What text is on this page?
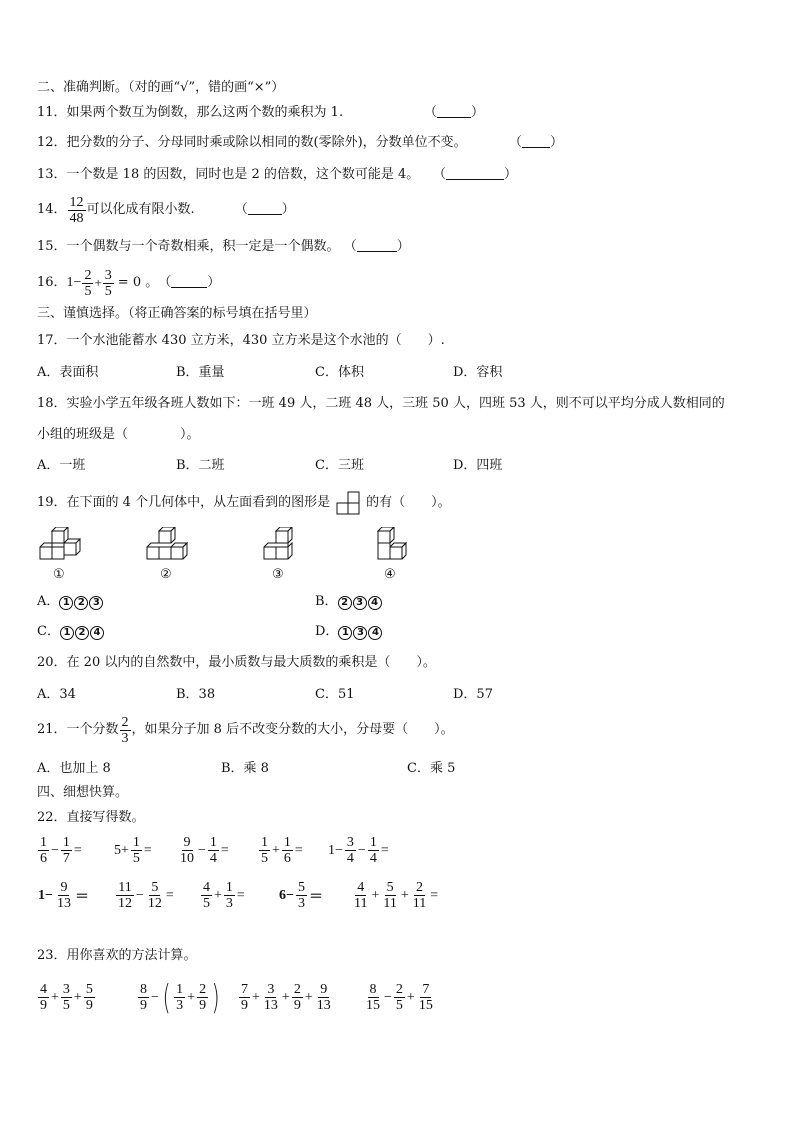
二、准确判断。（对的画“√”，错的画“×”）
11．如果两个数互为倒数，那么这两个数的乘积为 1.	（	）
12．把分数的分子、分母同时乘或除以相同的数(零除外)，分数单位不变。	（ ）
13．一个数是 18 的因数，同时也是 2 的倍数，这个数可能是 4。 （	）
14． $\frac{12}{48}$ 可以化成有限小数.	（	）
15．一个偶数与一个奇数相乘，积一定是一个偶数。 （	）
16． $1- \frac{2}{5} + \frac{3}{5} = 0$ 。 （	）
三、谨慎选择。（将正确答案的标号填在括号里）
17．一个水池能蓄水 430 立方米，430 立方米是这个水池的（　　）.
A．表面积	B．重量	C．体积	D．容积
18．实验小学五年级各班人数如下：一班 49 人，二班 48 人，三班 50 人，四班 53 人，则不可以平均分成人数相同的
小组的班级是（　　　　）。
A．一班	B．二班	C．三班	D．四班
19．在下面的 4 个几何体中，从左面看到的图形是	的有（　　）。
①	②	③	④
A． 1 2 3	B． 2 3 4
C． 1 2 4	D． 1 3 4
20．在 20 以内的自然数中，最小质数与最大质数的乘积是（　　）。
A．34	B．38	C．51	D．57
21．一个分数 $\frac{2}{3}$ ，如果分子加 8 后不改变分数的大小，分母要（　　）。
A．也加上 8	B．乘 8	C．乘 5
四、细想快算。
22．直接写得数。
$\frac{1}{6} - \frac{1}{7} = 5+ \frac{1}{5} = \frac{9}{10} - \frac{1}{4} = \frac{1}{5} + \frac{1}{6} = 1- \frac{3}{4} - \frac{1}{4}$ =
$1- \frac{9}{13} = \frac{11}{12} - \frac{5}{12} = \frac{4}{5} + \frac{1}{3} = 6- \frac{5}{3} = \frac{4}{11} + \frac{5}{11} + \frac{2}{11}$ =
23．用你喜欢的方法计算。
$\frac{4}{9} + \frac{3}{5} + \frac{5}{9}$	$\frac{8}{9}$ − ( $\frac{1}{3} + \frac{2}{9}$ ) $\frac{7}{9} + \frac{3}{13} + \frac{2}{9} + \frac{9}{13} \frac{8}{15} - \frac{2}{5} + \frac{7}{15}$
